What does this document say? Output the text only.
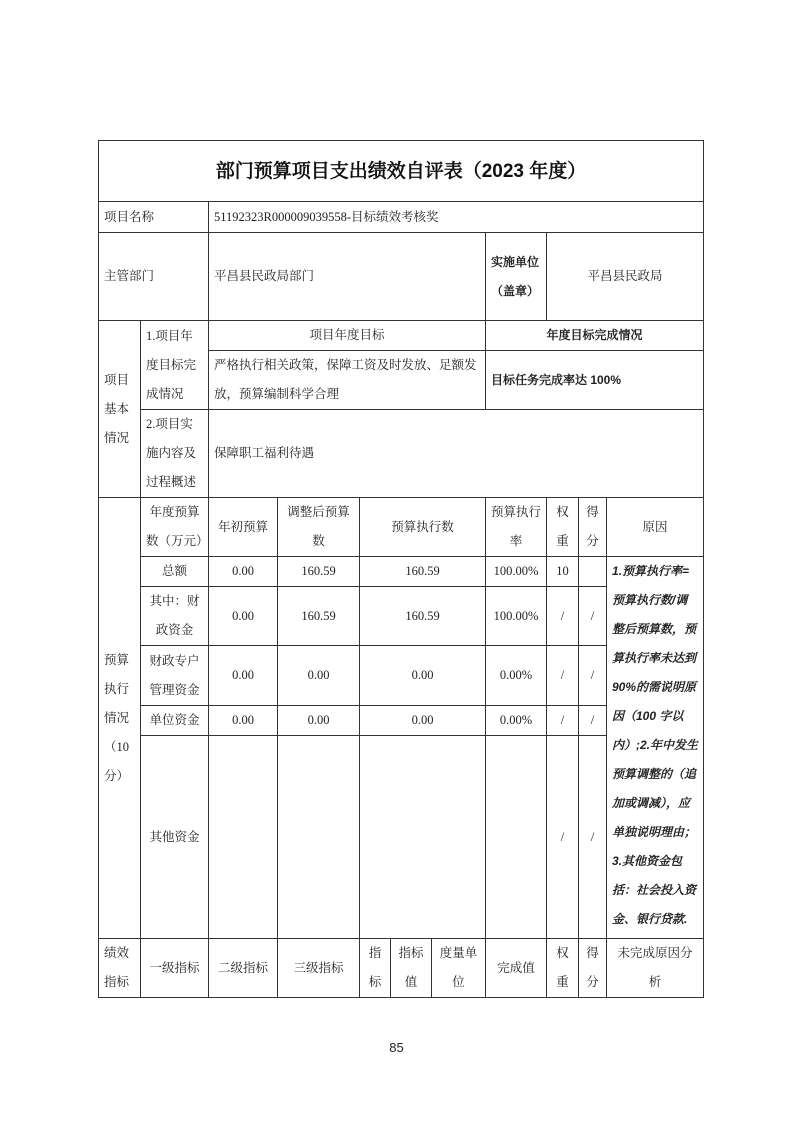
部门预算项目支出绩效自评表（2023 年度）										
项目名称		51192323R000009039558-目标绩效考核奖								
主管部门		平昌县民政局部门					实施单位（盖章）	平昌县民政局		
项目基本情况	1.项目年度目标完成情况	项目年度目标					年度目标完成情况			
		严格执行相关政策，保障工资及时发放、足额发放，预算编制科学合理					目标任务完成率达 100%			
	2.项目实施内容及过程概述	保障职工福利待遇								
预算执行情况（10分）	年度预算数（万元）	年初预算	调整后预算数	预算执行数			预算执行率	权重	得分	原因
	总额	0.00	160.59	160.59			100.00%	10		1.预算执行率=预算执行数/调整后预算数，预算执行率未达到 90%的需说明原因（100 字以内）;2.年中发生预算调整的（追加或调减），应单独说明理由；3.其他资金包括：社会投入资金、银行贷款.
	其中：财政资金	0.00	160.59	160.59			100.00%	/	/	
	财政专户管理资金	0.00	0.00	0.00			0.00%	/	/	
	单位资金	0.00	0.00	0.00			0.00%	/	/	
	其他资金							/	/	
绩效指标	一级指标	二级指标	三级指标	指标	指标值	度量单位	完成值	权重	得分	未完成原因分析
85
